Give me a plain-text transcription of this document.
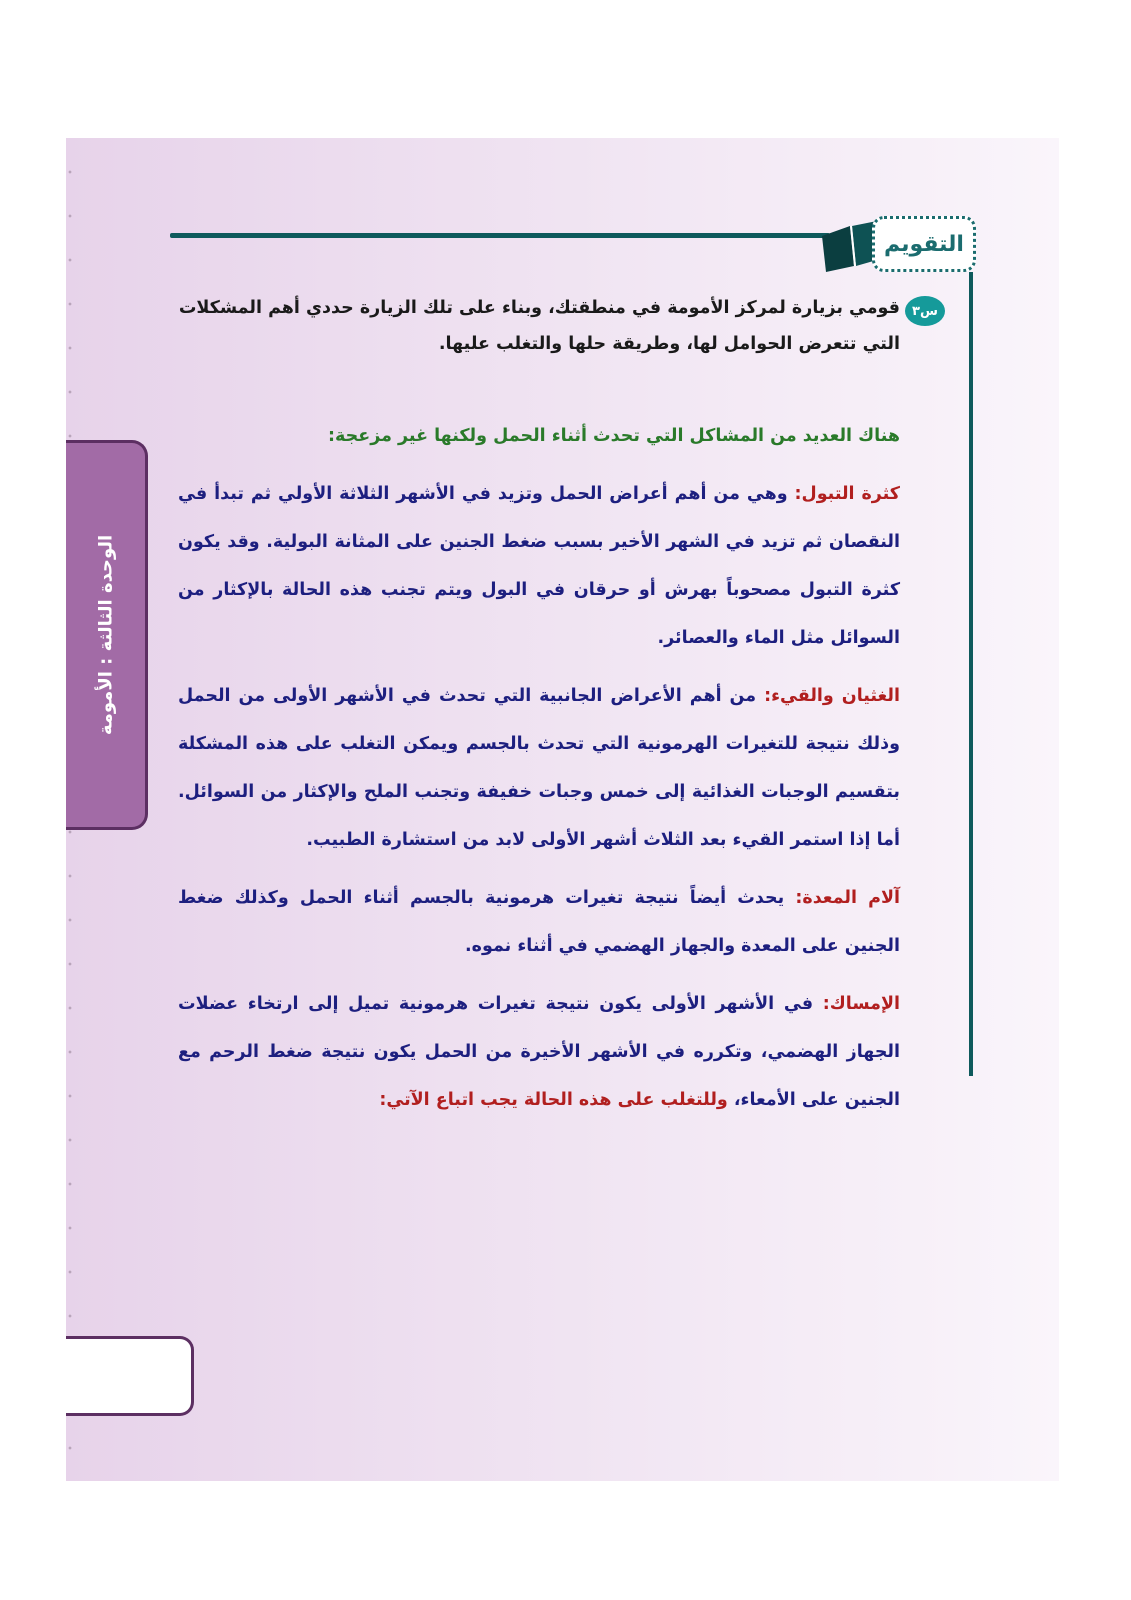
التقويم
س٣
قومي بزيارة لمركز الأمومة في منطقتك، وبناء على تلك الزيارة حددي أهم المشكلات التي تتعرض الحوامل لها، وطريقة حلها والتغلب عليها.

هناك العديد من المشاكل التي تحدث أثناء الحمل ولكنها غير مزعجة:

كثرة التبول: وهي من أهم أعراض الحمل وتزيد في الأشهر الثلاثة الأولي ثم تبدأ في النقصان ثم تزيد في الشهر الأخير بسبب ضغط الجنين على المثانة البولية. وقد يكون كثرة التبول مصحوباً بهرش أو حرقان في البول ويتم تجنب هذه الحالة بالإكثار من السوائل مثل الماء والعصائر.

الغثيان والقيء: من أهم الأعراض الجانبية التي تحدث في الأشهر الأولى من الحمل وذلك نتيجة للتغيرات الهرمونية التي تحدث بالجسم ويمكن التغلب على هذه المشكلة بتقسيم الوجبات الغذائية إلى خمس وجبات خفيفة وتجنب الملح والإكثار من السوائل. أما إذا استمر القيء بعد الثلاث أشهر الأولى لابد من استشارة الطبيب.

آلام المعدة: يحدث أيضاً نتيجة تغيرات هرمونية بالجسم أثناء الحمل وكذلك ضغط الجنين على المعدة والجهاز الهضمي في أثناء نموه.

الإمساك: في الأشهر الأولى يكون نتيجة تغيرات هرمونية تميل إلى ارتخاء عضلات الجهاز الهضمي، وتكرره في الأشهر الأخيرة من الحمل يكون نتيجة ضغط الرحم مع الجنين على الأمعاء، وللتغلب على هذه الحالة يجب اتباع الآتي:

الوحدة الثالثة : الأمومة
